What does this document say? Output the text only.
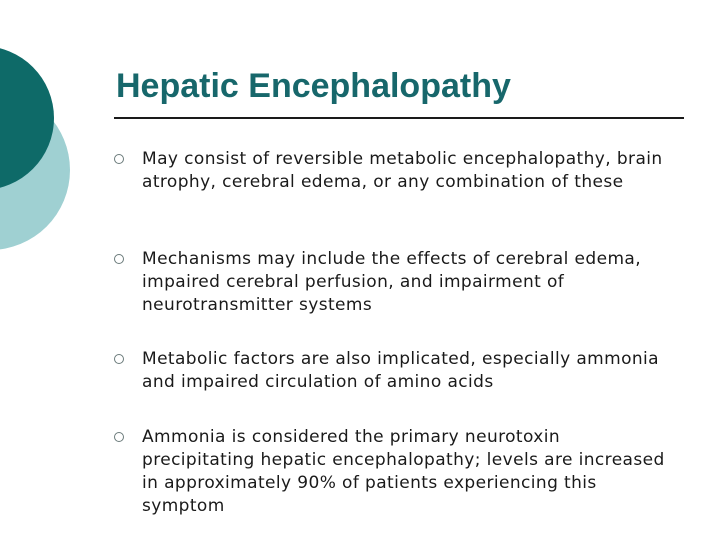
Hepatic Encephalopathy
May consist of reversible metabolic encephalopathy, brain atrophy, cerebral edema, or any combination of these
Mechanisms may include the effects of cerebral edema, impaired cerebral perfusion, and impairment of neurotransmitter systems
Metabolic factors are also implicated, especially ammonia and impaired circulation of amino acids
Ammonia is considered the primary neurotoxin precipitating hepatic encephalopathy; levels are increased in approximately 90% of patients experiencing this symptom
